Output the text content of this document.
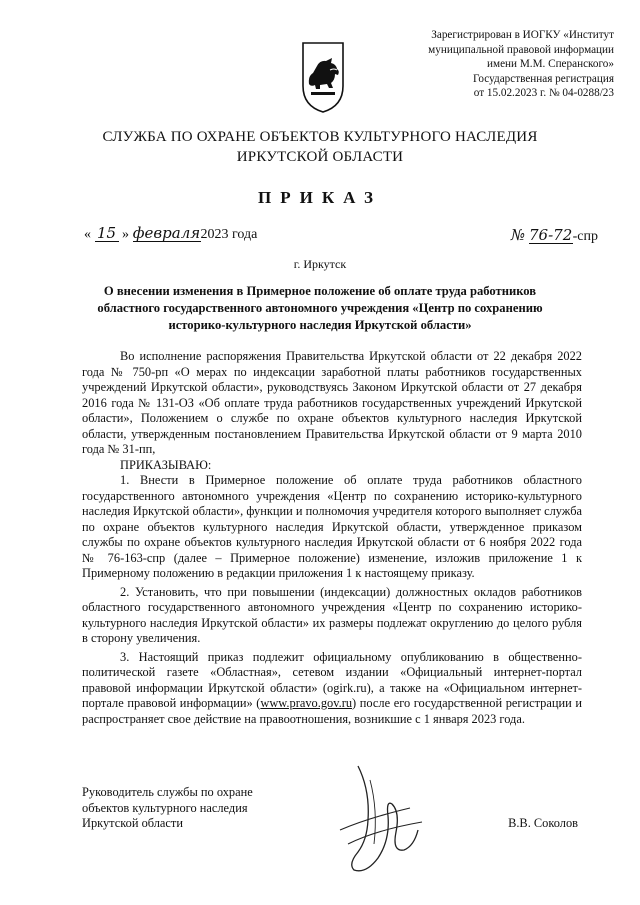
Зарегистрирован в ИОГКУ «Институт
муниципальной правовой информации
имени М.М. Сперанского»
Государственная регистрация
от 15.02.2023 г. № 04-0288/23
СЛУЖБА ПО ОХРАНЕ ОБЪЕКТОВ КУЛЬТУРНОГО НАСЛЕДИЯ
ИРКУТСКОЙ ОБЛАСТИ
ПРИКАЗ
« 15 » февраля2023 года	№ 76-72-спр
г. Иркутск
О внесении изменения в Примерное положение об оплате труда работников
областного государственного автономного учреждения «Центр по сохранению
историко-культурного наследия Иркутской области»

Во исполнение распоряжения Правительства Иркутской области от 22 декабря 2022 года № 750-рп «О мерах по индексации заработной платы работников государственных учреждений Иркутской области», руководствуясь Законом Иркутской области от 27 декабря 2016 года № 131-ОЗ «Об оплате труда работников государственных учреждений Иркутской области», Положением о службе по охране объектов культурного наследия Иркутской области, утвержденным постановлением Правительства Иркутской области от 9 марта 2010 года № 31-пп,

ПРИКАЗЫВАЮ:

1. Внести в Примерное положение об оплате труда работников областного государственного автономного учреждения «Центр по сохранению историко-культурного наследия Иркутской области», функции и полномочия учредителя которого выполняет служба по охране объектов культурного наследия Иркутской области, утвержденное приказом службы по охране объектов культурного наследия Иркутской области от 6 ноября 2022 года № 76-163-спр (далее – Примерное положение) изменение, изложив приложение 1 к Примерному положению в редакции приложения 1 к настоящему приказу.

2. Установить, что при повышении (индексации) должностных окладов работников областного государственного автономного учреждения «Центр по сохранению историко-культурного наследия Иркутской области» их размеры подлежат округлению до целого рубля в сторону увеличения.

3. Настоящий приказ подлежит официальному опубликованию в общественно-политической газете «Областная», сетевом издании «Официальный интернет-портал правовой информации Иркутской области» (ogirk.ru), а также на «Официальном интернет-портале правовой информации» (www.pravo.gov.ru) после его государственной регистрации и распространяет свое действие на правоотношения, возникшие с 1 января 2023 года.

Руководитель службы по охране
объектов культурного наследия
Иркутской области	В.В. Соколов
